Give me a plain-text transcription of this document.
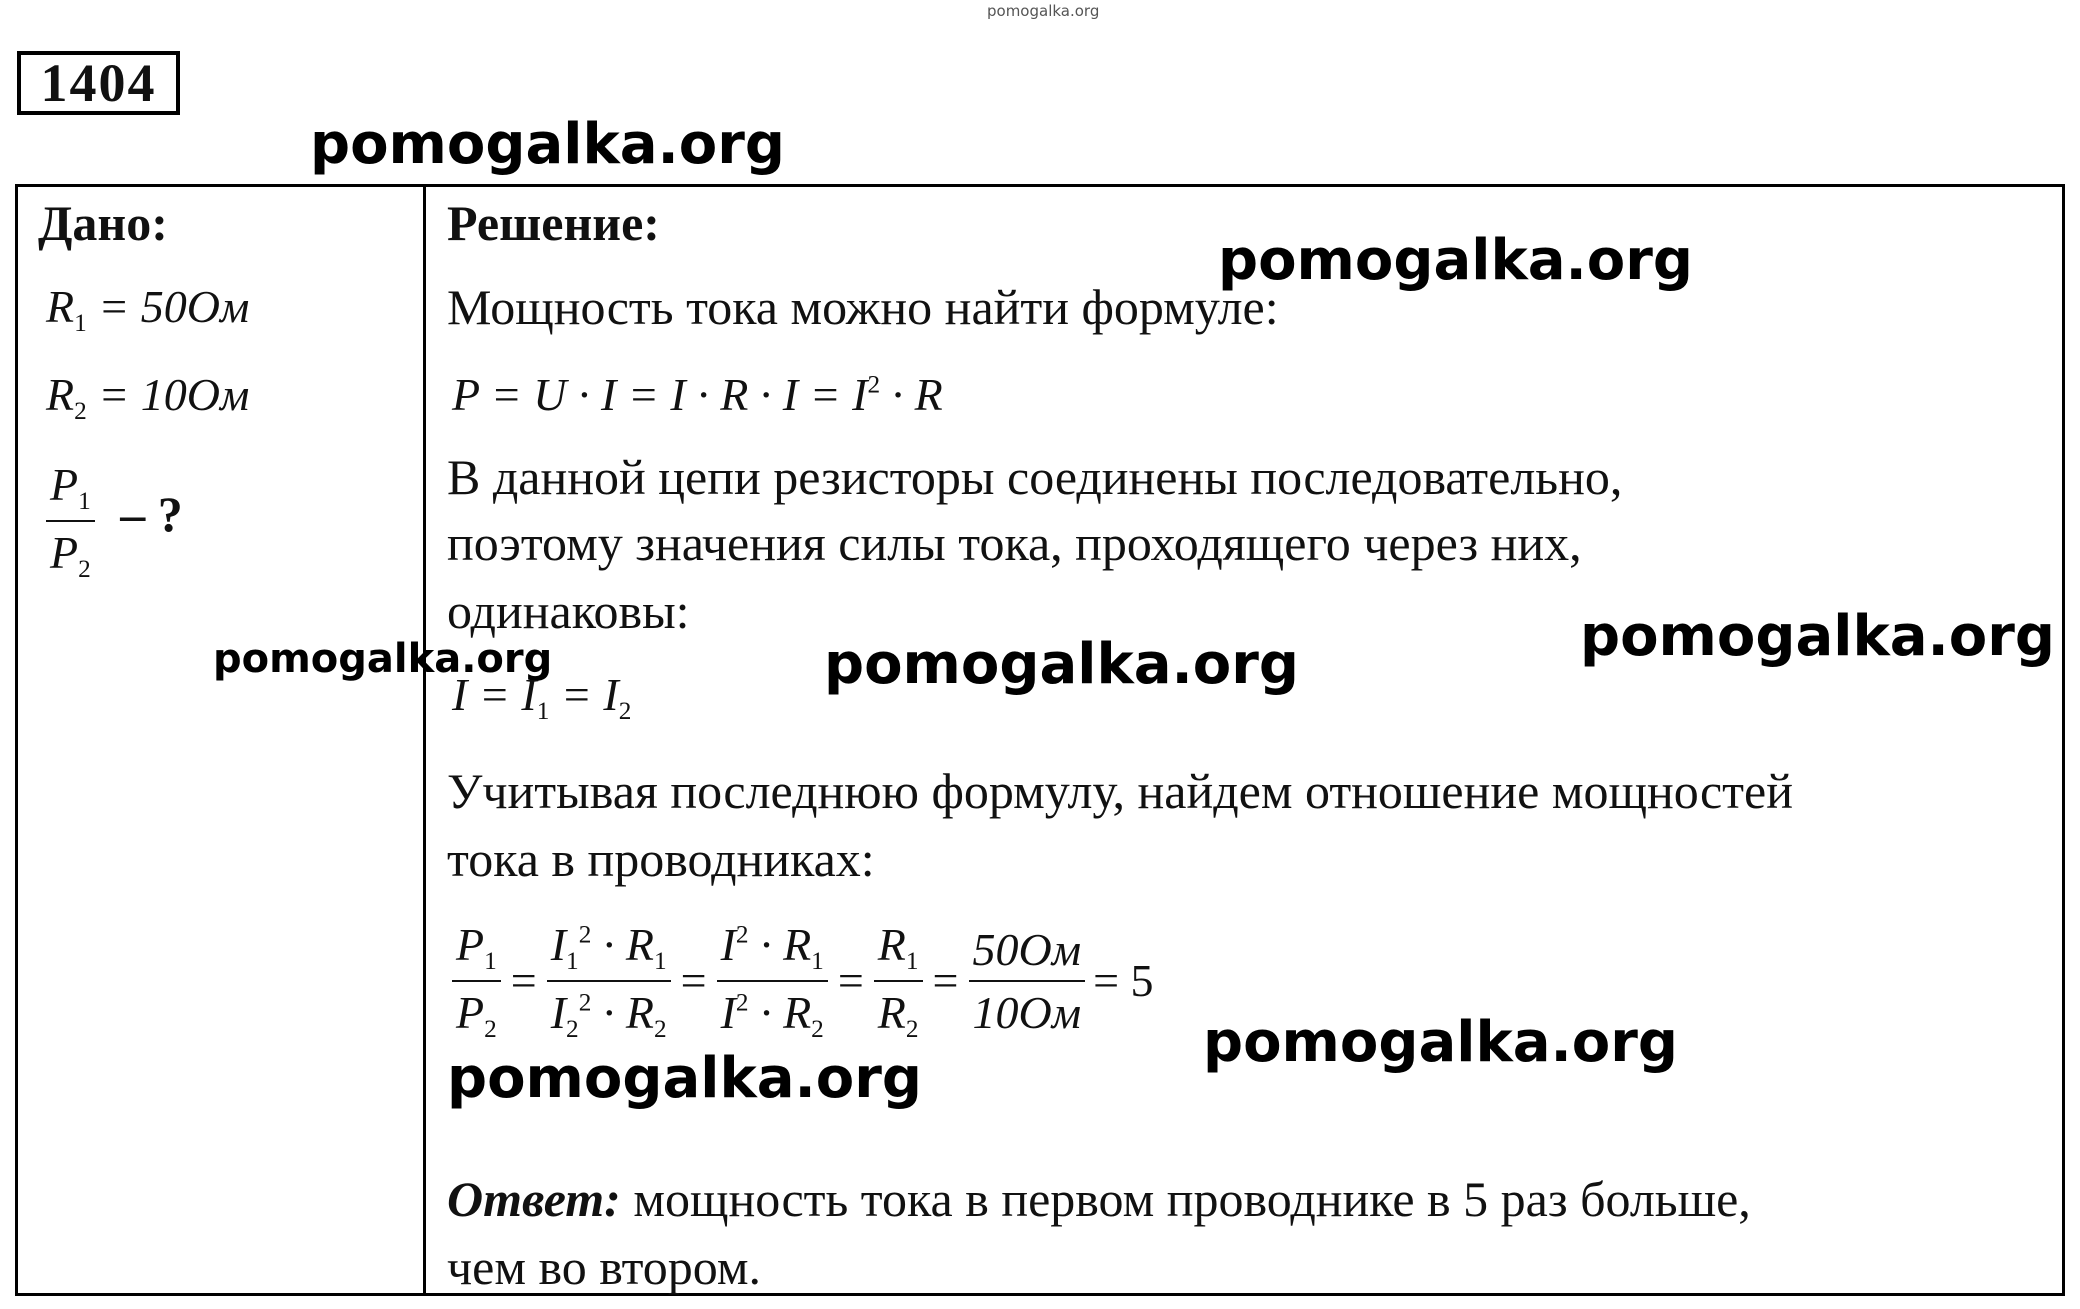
pomogalka.org
1404
pomogalka.org
Дано:
$R_1 = 50Ом$
$R_2 = 10Ом$
$\frac{P_1}{P_2}$ – ?
pomogalka.org
Решение:
pomogalka.org
Мощность тока можно найти формуле:
$P = U \cdot I = I \cdot R \cdot I = I^2 \cdot R$
В данной цепи резисторы соединены последовательно,
поэтому значения силы тока, проходящего через них,
одинаковы:	pomogalka.org
pomogalka.org
$I = I_1 = I_2$
Учитывая последнюю формулу, найдем отношение мощностей
тока в проводниках:
$\frac{P_1}{P_2} = \frac{I_1^2 \cdot R_1}{I_2^2 \cdot R_2} = \frac{I^2 \cdot R_1}{I^2 \cdot R_2} = \frac{R_1}{R_2} = \frac{50Ом}{10Ом} = 5$
pomogalka.org
pomogalka.org
Ответ: мощность тока в первом проводнике в 5 раз больше,
чем во втором.
